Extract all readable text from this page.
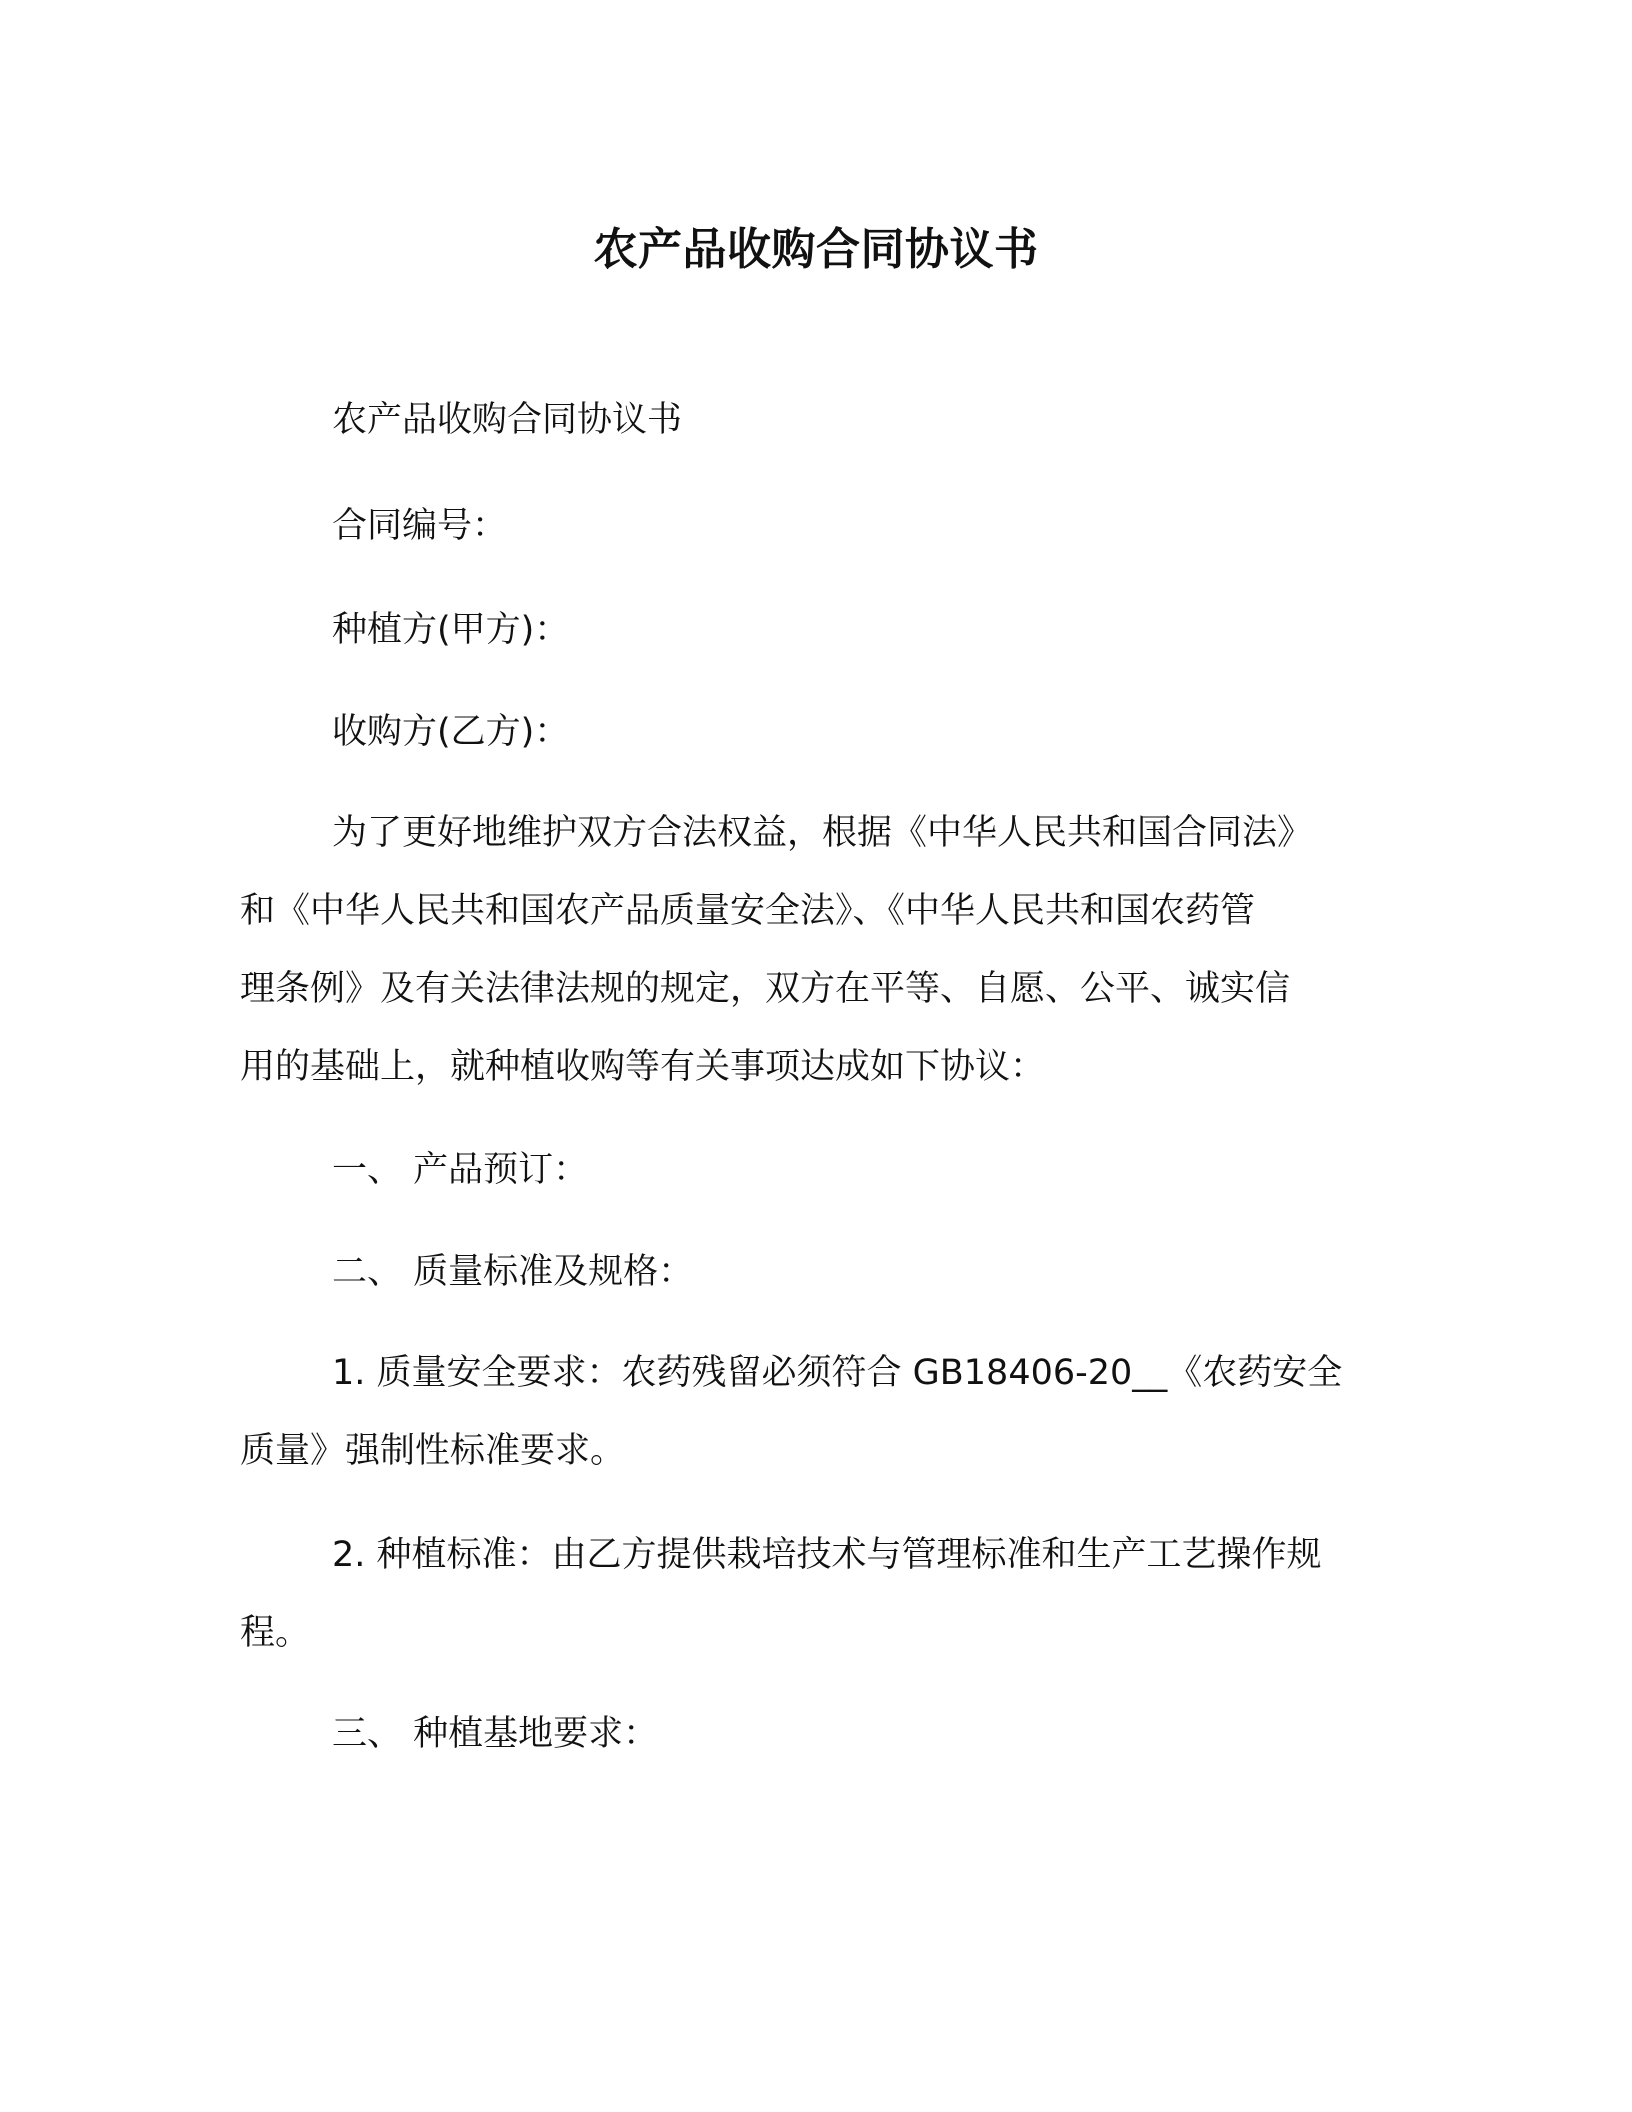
农产品收购合同协议书
农产品收购合同协议书
合同编号：
种植方(甲方)：
收购方(乙方)：

为了更好地维护双方合法权益，根据《中华人民共和国合同法》

和《中华人民共和国农产品质量安全法》、《中华人民共和国农药管

理条例》及有关法律法规的规定，双方在平等、自愿、公平、诚实信

用的基础上，就种植收购等有关事项达成如下协议：

一、 产品预订：
二、 质量标准及规格：

1. 质量安全要求：农药残留必须符合 GB18406-20__《农药安全

质量》强制性标准要求。

2. 种植标准：由乙方提供栽培技术与管理标准和生产工艺操作规

程。

三、 种植基地要求：
